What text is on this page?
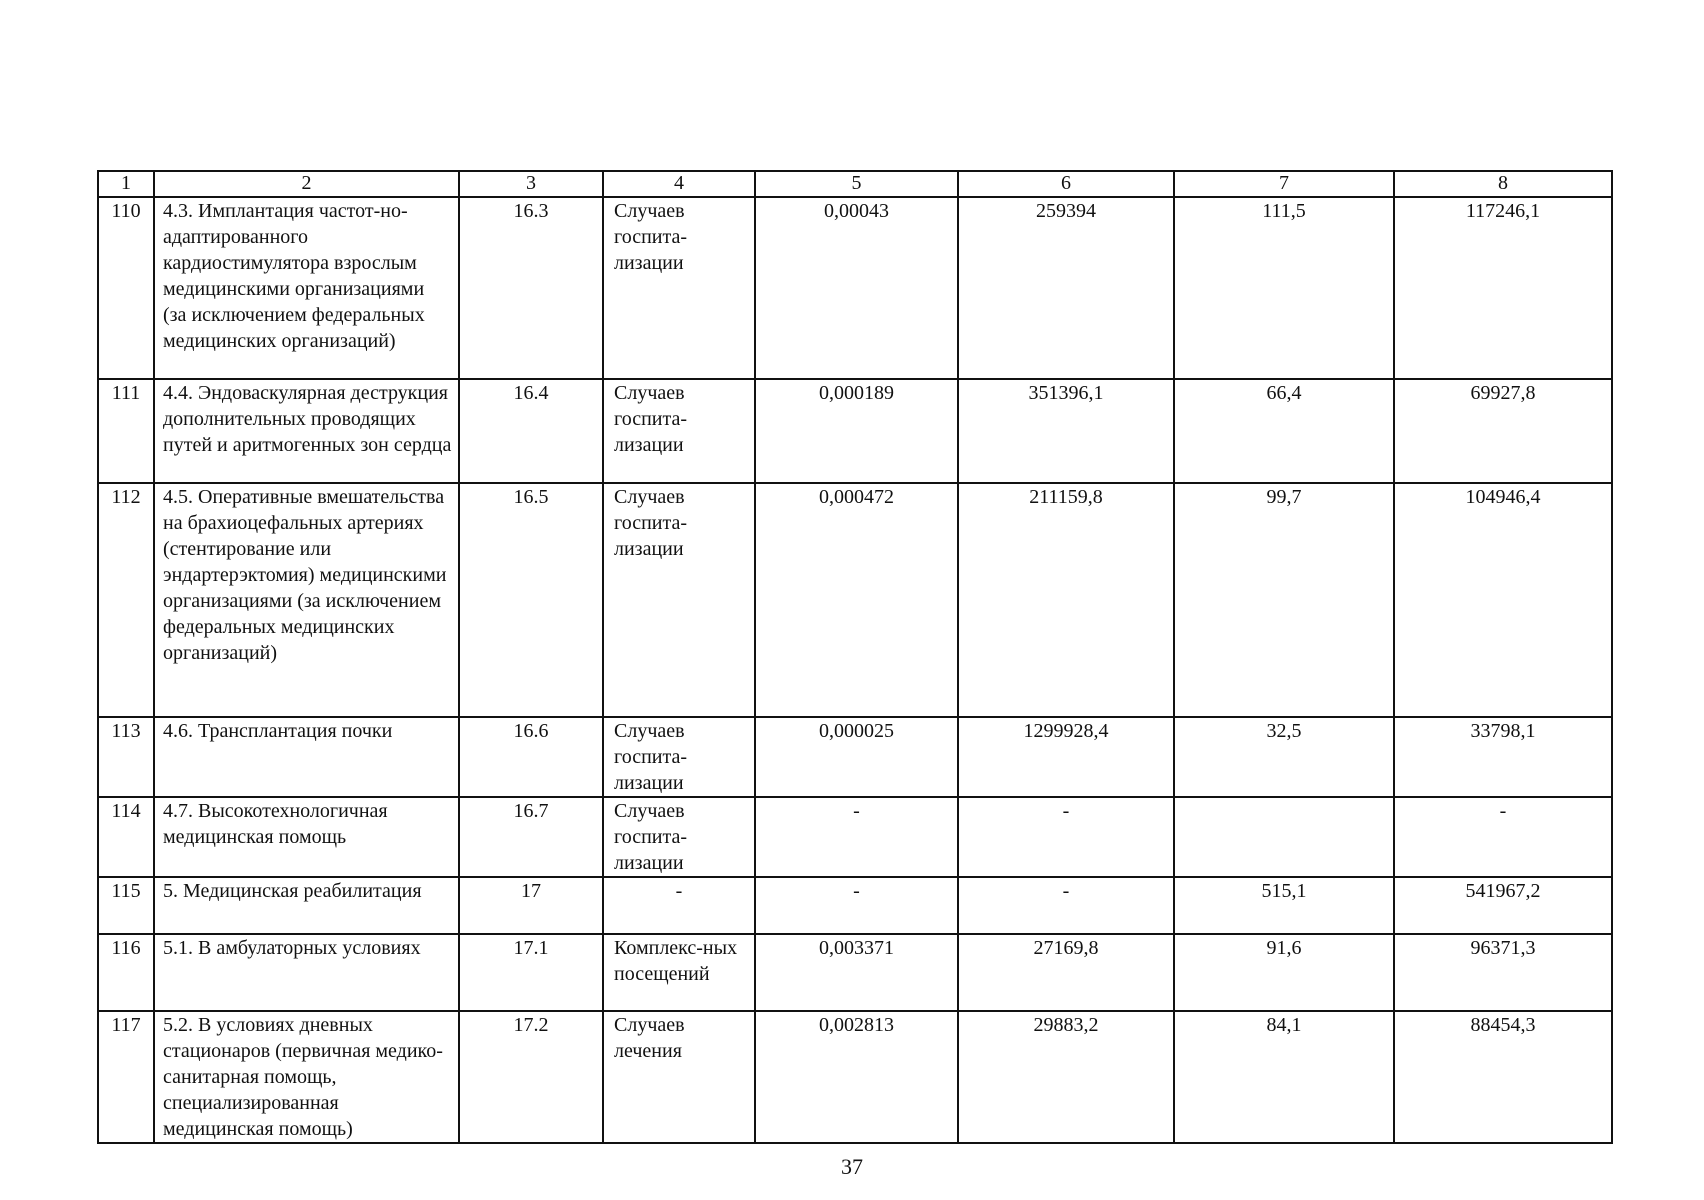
1	2	3	4	5	6	7	8
110	4.3. Имплантация частот-но-адаптированного кардиостимулятора взрослым медицинскими организациями (за исключением федеральных медицинских организаций)	16.3	Случаев госпита-лизации	0,00043	259394	111,5	117246,1
111	4.4. Эндоваскулярная деструкция дополнительных проводящих путей и аритмогенных зон сердца	16.4	Случаев госпита-лизации	0,000189	351396,1	66,4	69927,8
112	4.5. Оперативные вмешательства на брахиоцефальных артериях (стентирование или эндартерэктомия) медицинскими организациями (за исключением федеральных медицинских организаций)	16.5	Случаев госпита-лизации	0,000472	211159,8	99,7	104946,4
113	4.6. Трансплантация почки	16.6	Случаев госпита-лизации	0,000025	1299928,4	32,5	33798,1
114	4.7. Высокотехнологичная медицинская помощь	16.7	Случаев госпита-лизации	-	-		-
115	5. Медицинская реабилитация	17	-	-	-	515,1	541967,2
116	5.1. В амбулаторных условиях	17.1	Комплекс-ных посещений	0,003371	27169,8	91,6	96371,3
117	5.2. В условиях дневных стационаров (первичная медико-санитарная помощь, специализированная медицинская помощь)	17.2	Случаев лечения	0,002813	29883,2	84,1	88454,3
37
